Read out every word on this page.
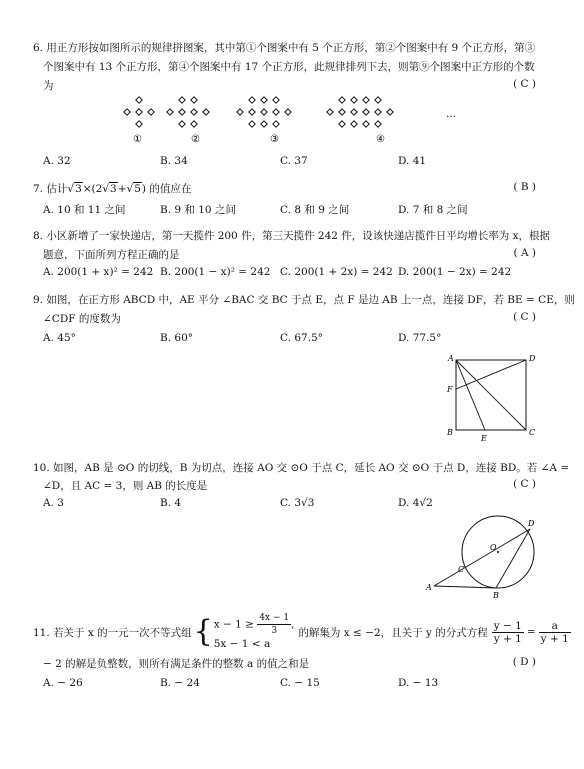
6. 用正方形按如图所示的规律拼图案，其中第①个图案中有 5 个正方形，第②个图案中有 9 个正方形，第③
个图案中有 13 个正方形，第④个图案中有 17 个正方形，此规律排列下去，则第⑨个图案中正方形的个数
为	( C )
…
①	②	③	④
A. 32	B. 34	C. 37	D. 41
7. 估计√3×(2√3+√5) 的值应在	( B )
A. 10 和 11 之间	B. 9 和 10 之间	C. 8 和 9 之间	D. 7 和 8 之间
8. 小区新增了一家快递店，第一天揽件 200 件，第三天揽件 242 件，设该快递店揽件日平均增长率为 x，根据
题意，下面所列方程正确的是	( A )
A. 200(1 + x)² = 242 B. 200(1 − x)² = 242 C. 200(1 + 2x) = 242 D. 200(1 − 2x) = 242
9. 如图，在正方形 ABCD 中，AE 平分 ∠BAC 交 BC 于点 E，点 F 是边 AB 上一点，连接 DF，若 BE = CE，则
∠CDF 的度数为	( C )
A. 45°	B. 60°	C. 67.5°	D. 77.5°
A	D
F
B
E
C
10. 如图，AB 是 ⊙O 的切线，B 为切点，连接 AO 交 ⊙O 于点 C，延长 AO 交 ⊙O 于点 D，连接 BD。若 ∠A =
∠D，且 AC = 3，则 AB 的长度是	( C )
A. 3	B. 4	C. 3√3	D. 4√2
O
C
D
A
B
11. 若关于 x 的一元一次不等式组 { $x - 1 \ge \frac{4x - 1}{3}$ ,
5x − 1 < a
的解集为 x ≤ −2，且关于 y 的分式方程 $\frac{y - 1}{y + 1} = \frac{a}{y + 1}$
− 2 的解是负整数，则所有满足条件的整数 a 的值之和是	( D )
A. − 26	B. − 24	C. − 15	D. − 13
